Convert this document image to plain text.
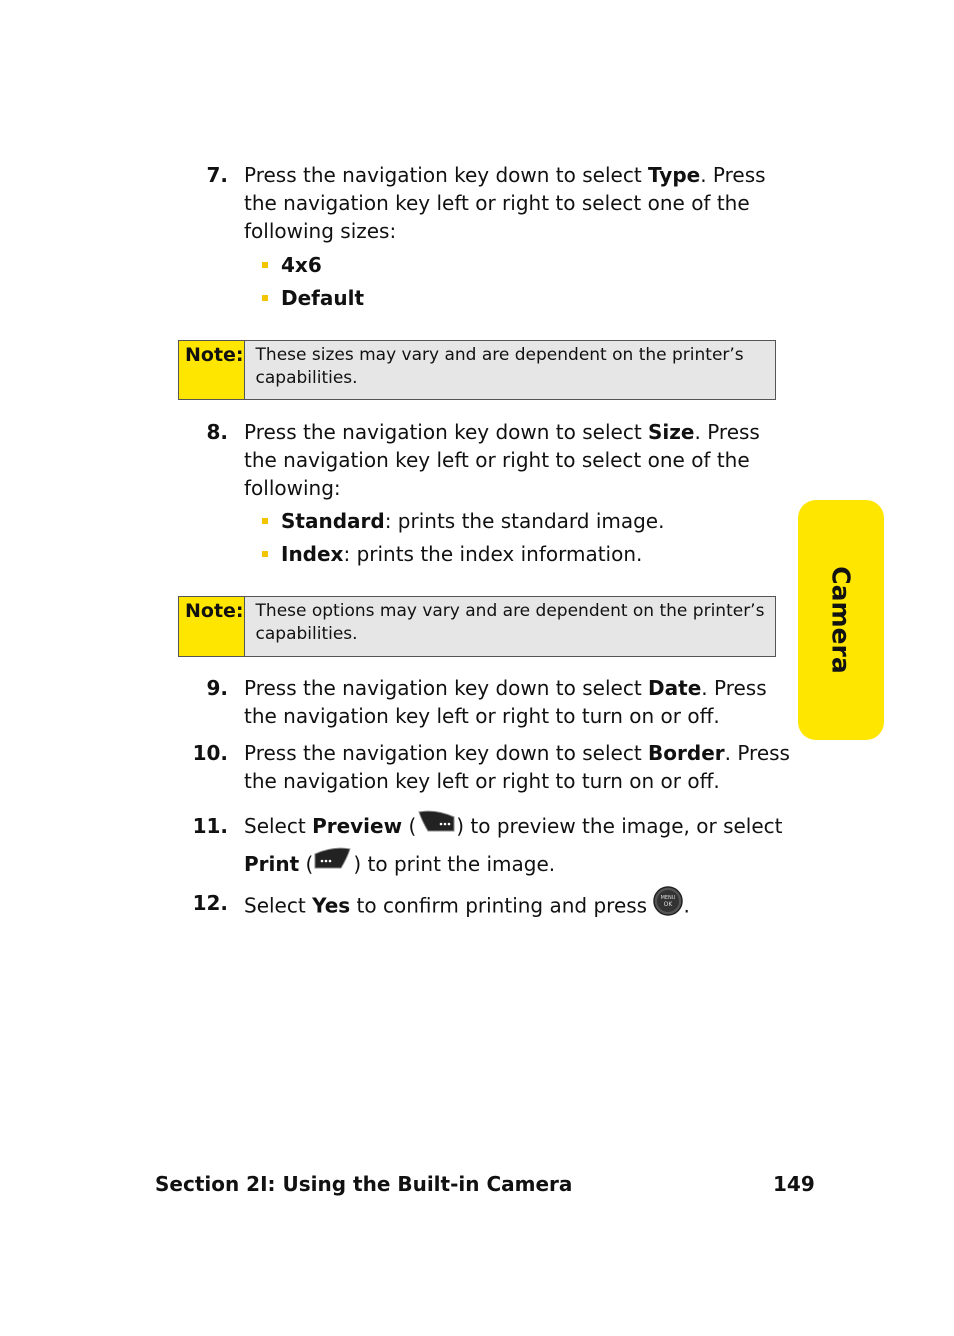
7. Press the navigation key down to select Type. Press the navigation key left or right to select one of the following sizes:
4x6
Default
Note: These sizes may vary and are dependent on the printer’s capabilities.
8. Press the navigation key down to select Size. Press the navigation key left or right to select one of the following:
Standard: prints the standard image.
Index: prints the index information.
Note: These options may vary and are dependent on the printer’s capabilities.
9. Press the navigation key down to select Date. Press the navigation key left or right to turn on or off.
10. Press the navigation key down to select Border. Press the navigation key left or right to turn on or off.
11. Select Preview ( ) to preview the image, or select
Print ( ) to print the image.
12. Select Yes to confirm printing and press MENU
OK .
Camera
Section 2I: Using the Built-in Camera	149
